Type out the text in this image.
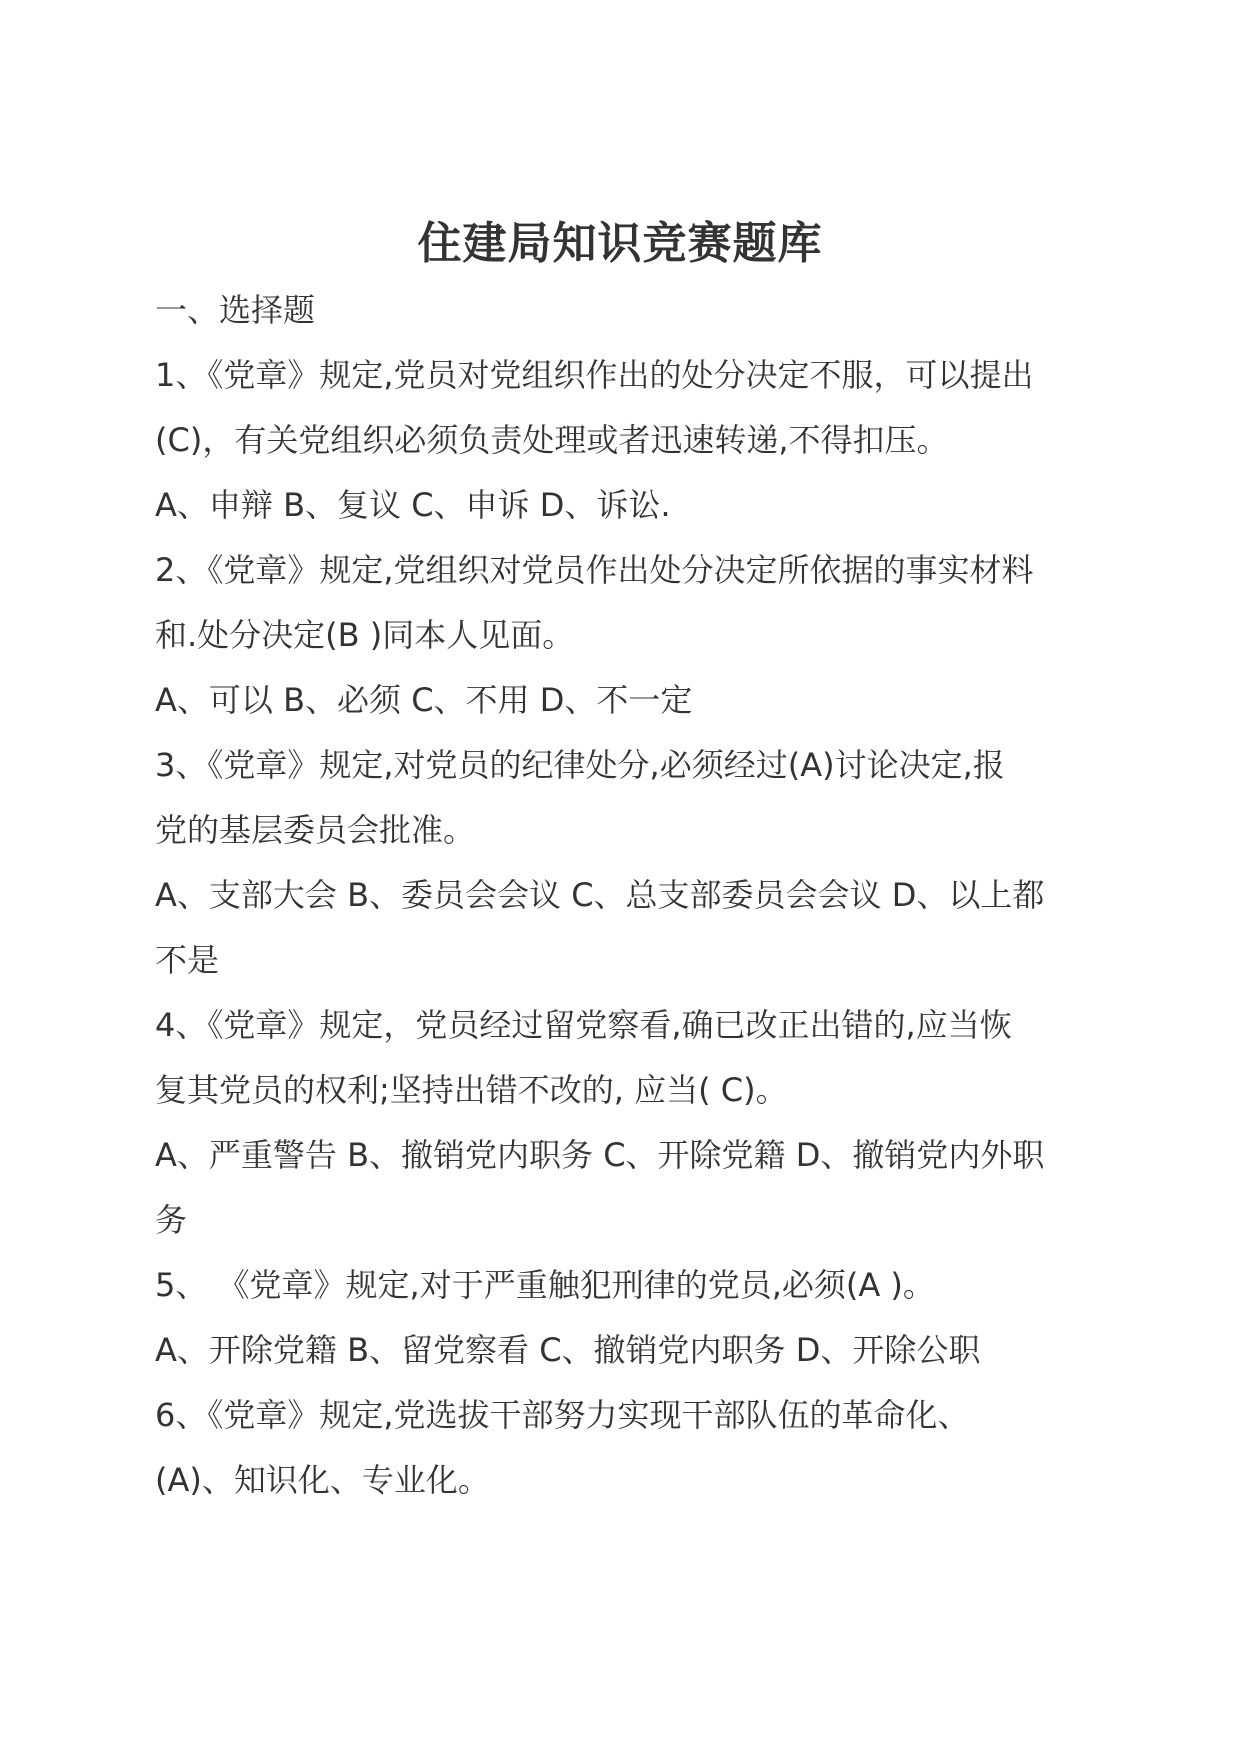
住建局知识竞赛题库
一、选择题
1、《党章》规定,党员对党组织作出的处分决定不服，可以提出
(C)，有关党组织必须负责处理或者迅速转递,不得扣压。
A、申辩 B、复议 C、申诉 D、诉讼.
2、《党章》规定,党组织对党员作出处分决定所依据的事实材料
和.处分决定(B )同本人见面。
A、可以 B、必须 C、不用 D、不一定
3、《党章》规定,对党员的纪律处分,必须经过(A)讨论决定,报
党的基层委员会批准。
A、支部大会 B、委员会会议 C、总支部委员会会议 D、以上都
不是
4、《党章》规定，党员经过留党察看,确已改正出错的,应当恢
复其党员的权利;坚持出错不改的, 应当( C)。
A、严重警告 B、撤销党内职务 C、开除党籍 D、撤销党内外职
务
5、 《党章》规定,对于严重触犯刑律的党员,必须(A )。
A、开除党籍 B、留党察看 C、撤销党内职务 D、开除公职
6、《党章》规定,党选拔干部努力实现干部队伍的革命化、
(A)、知识化、专业化。
